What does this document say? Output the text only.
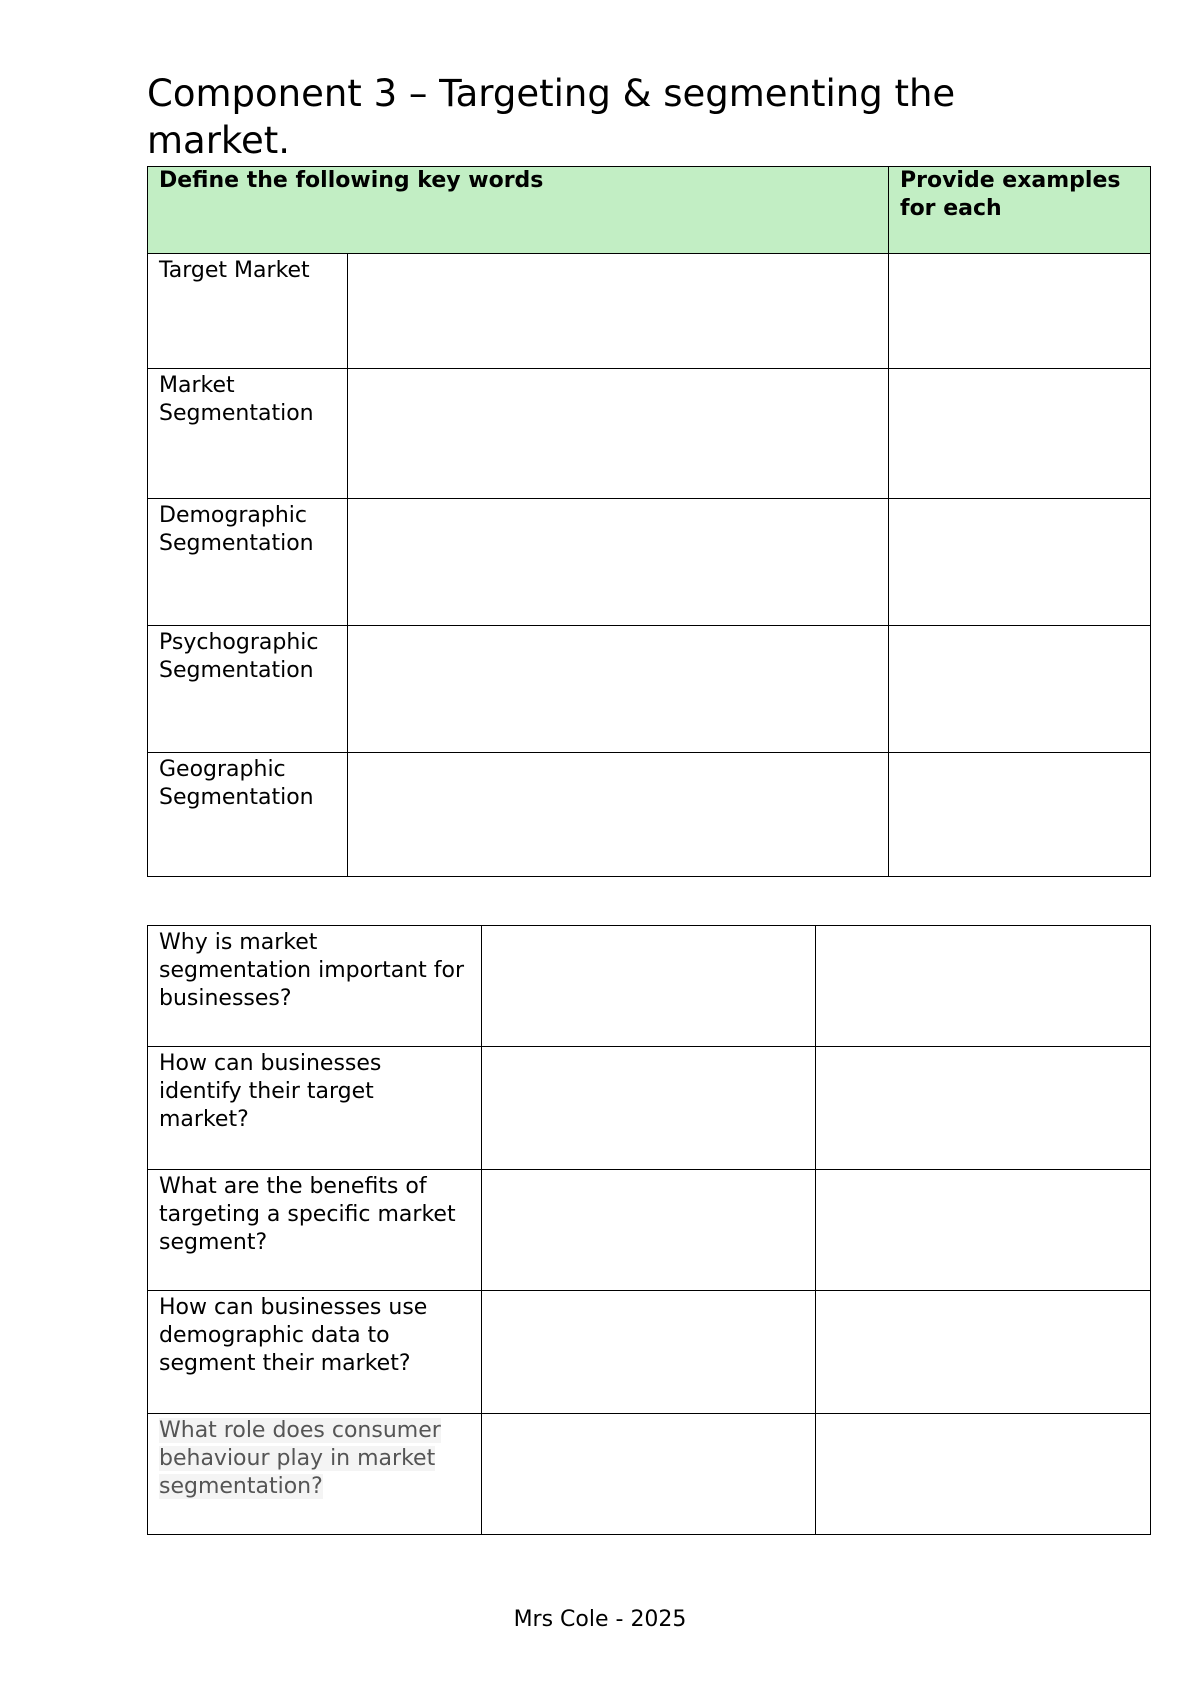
Component 3 – Targeting & segmenting the market.
Define the following key words		Provide examples for each
Target Market		
Market Segmentation		
Demographic Segmentation		
Psychographic Segmentation		
Geographic Segmentation		
Why is market segmentation important for businesses?		
How can businesses identify their target market?		
What are the benefits of targeting a specific market segment?		
How can businesses use demographic data to segment their market?		
What role does consumer behaviour play in market segmentation?		
Mrs Cole - 2025
